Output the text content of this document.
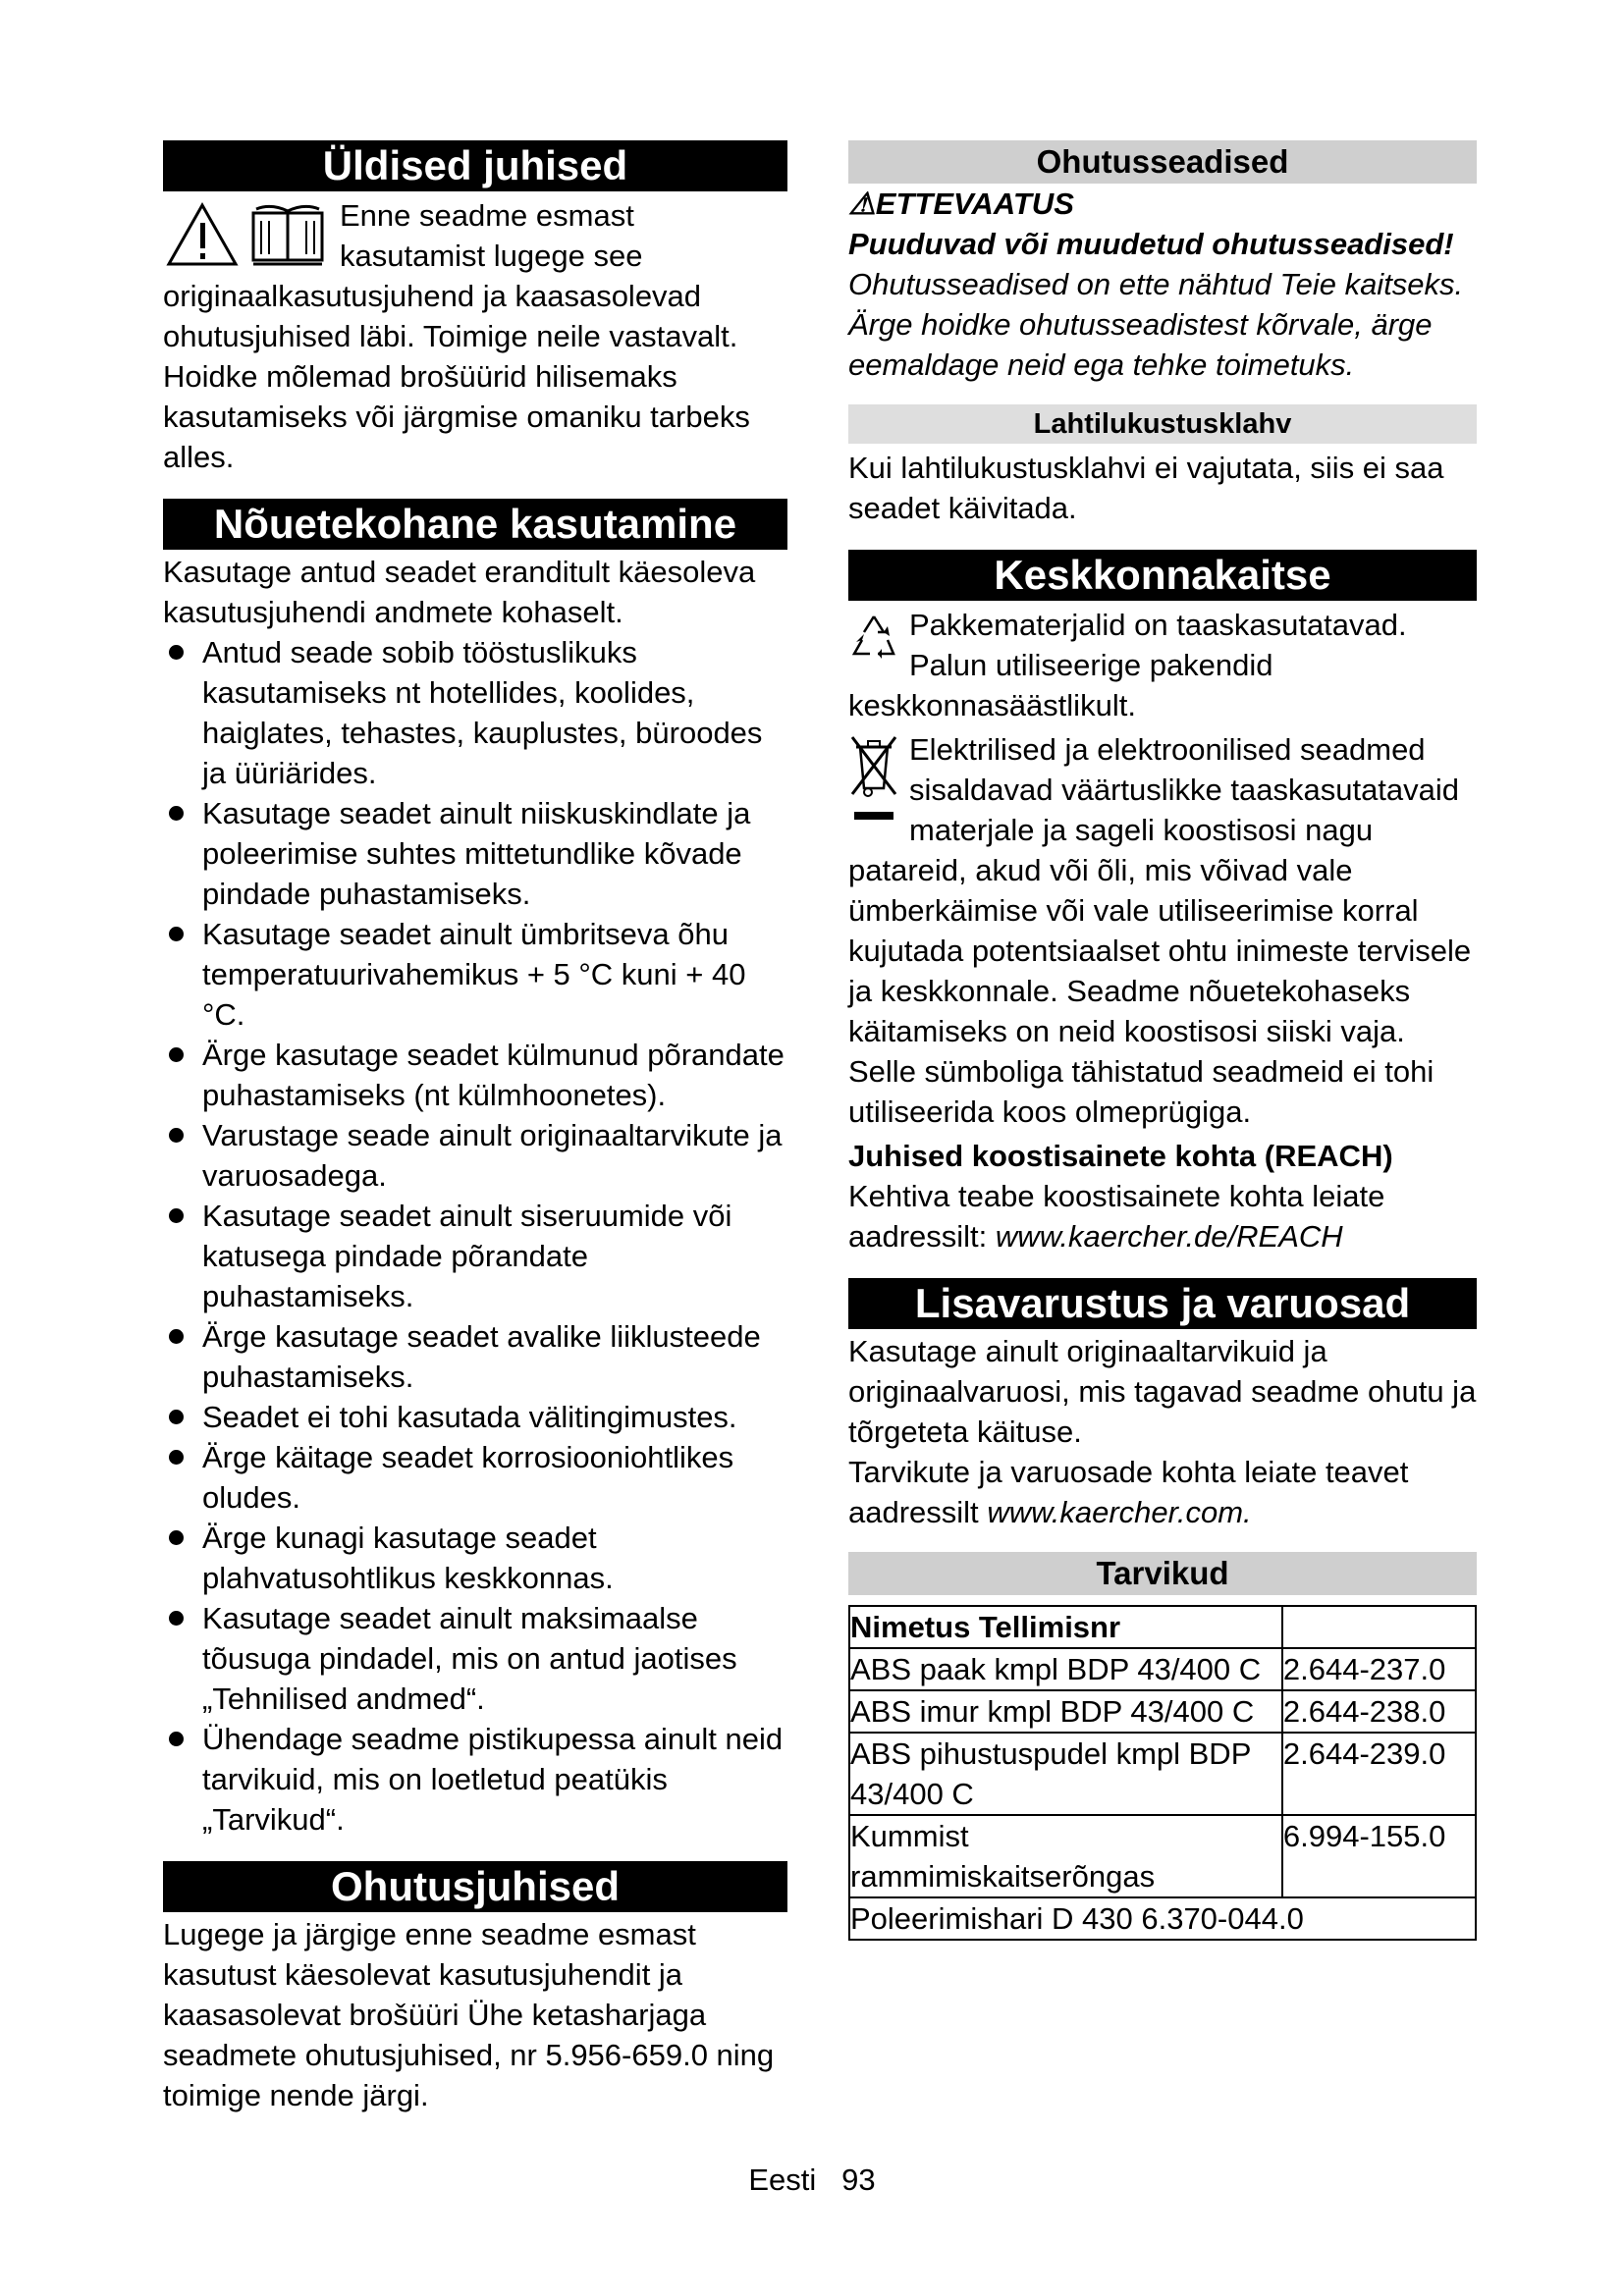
Üldised juhised

Enne seadme esmast kasutamist lugege see originaalkasutusjuhend ja kaasasolevad ohutusjuhised läbi. Toimige neile vastavalt.

Hoidke mõlemad brošüürid hilisemaks kasutamiseks või järgmise omaniku tarbeks alles.

Nõuetekohane kasutamine

Kasutage antud seadet eranditult käesoleva kasutusjuhendi andmete kohaselt.

Antud seade sobib tööstuslikuks kasutamiseks nt hotellides, koolides, haiglates, tehastes, kauplustes, büroodes ja üüriärides.
Kasutage seadet ainult niiskuskindlate ja poleerimise suhtes mittetundlike kõvade pindade puhastamiseks.
Kasutage seadet ainult ümbritseva õhu temperatuurivahemikus + 5 °C kuni + 40 °C.
Ärge kasutage seadet külmunud põrandate puhastamiseks (nt külmhoonetes).
Varustage seade ainult originaaltarvikute ja varuosadega.
Kasutage seadet ainult siseruumide või katusega pindade põrandate puhastamiseks.
Ärge kasutage seadet avalike liiklusteede puhastamiseks.
Seadet ei tohi kasutada välitingimustes.
Ärge käitage seadet korrosiooniohtlikes oludes.
Ärge kunagi kasutage seadet plahvatusohtlikus keskkonnas.
Kasutage seadet ainult maksimaalse tõusuga pindadel, mis on antud jaotises „Tehnilised andmed“.
Ühendage seadme pistikupessa ainult neid tarvikuid, mis on loetletud peatükis „Tarvikud“.
Ohutusjuhised

Lugege ja järgige enne seadme esmast kasutust käesolevat kasutusjuhendit ja kaasasolevat brošüüri Ühe ketasharjaga seadmete ohutusjuhised, nr 5.956-659.0 ning toimige nende järgi.

Ohutusseadised

⚠ETTEVAATUS

Puuduvad või muudetud ohutusseadised!

Ohutusseadised on ette nähtud Teie kaitseks.

Ärge hoidke ohutusseadistest kõrvale, ärge eemaldage neid ega tehke toimetuks.

Lahtilukustusklahv

Kui lahtilukustusklahvi ei vajutata, siis ei saa seadet käivitada.

Keskkonnakaitse

Pakkematerjalid on taaskasutatavad. Palun utiliseerige pakendid keskkonnasäästlikult.

Elektrilised ja elektroonilised seadmed sisaldavad väärtuslikke taaskasutatavaid materjale ja sageli koostisosi nagu patareid, akud või õli, mis võivad vale ümberkäimise või vale utiliseerimise korral kujutada potentsiaalset ohtu inimeste tervisele ja keskkonnale. Seadme nõuetekohaseks käitamiseks on neid koostisosi siiski vaja. Selle sümboliga tähistatud seadmeid ei tohi utiliseerida koos olmeprügiga.

Juhised koostisainete kohta (REACH)

Kehtiva teabe koostisainete kohta leiate aadressilt: www.kaercher.de/REACH

Lisavarustus ja varuosad

Kasutage ainult originaaltarvikuid ja originaalvaruosi, mis tagavad seadme ohutu ja tõrgeteta käituse.

Tarvikute ja varuosade kohta leiate teavet aadressilt www.kaercher.com.

Tarvikud
Nimetus Tellimisnr	
ABS paak kmpl BDP 43/400 C	2.644-237.0
ABS imur kmpl BDP 43/400 C	2.644-238.0
ABS pihustuspudel kmpl BDP 43/400 C	2.644-239.0
Kummist rammimiskaitserõngas	6.994-155.0
Poleerimishari D 430 6.370-044.0	
Eesti 93
